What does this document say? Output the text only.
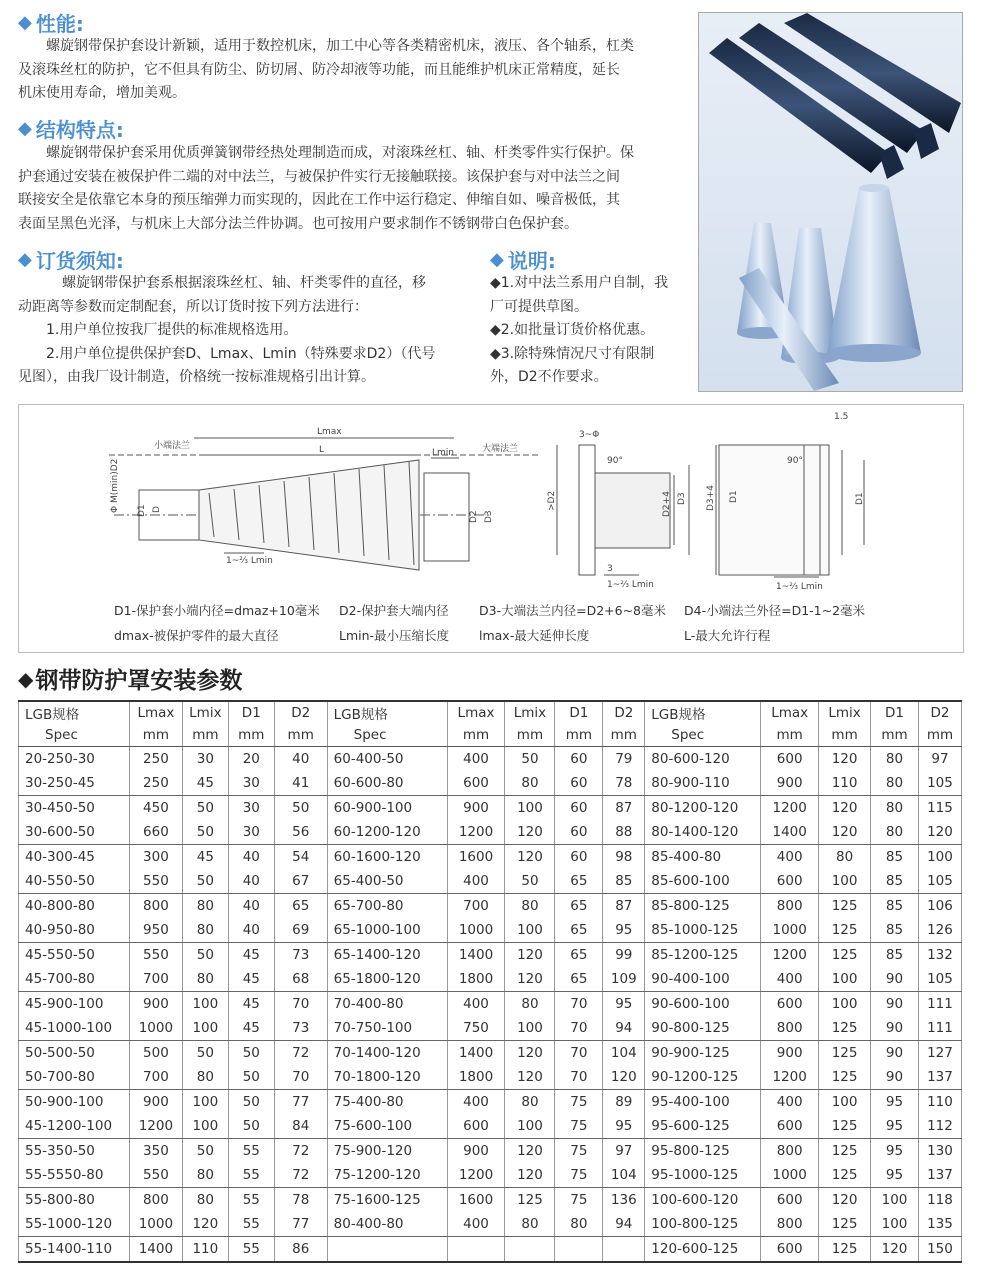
◆ 性能:

螺旋钢带保护套设计新颖，适用于数控机床，加工中心等各类精密机床，液压、各个轴系，杠类

及滚珠丝杠的防护，它不但具有防尘、防切屑、防冷却液等功能，而且能维护机床正常精度，延长

机床使用寿命，增加美观。

◆ 结构特点:

螺旋钢带保护套采用优质弹簧钢带经热处理制造而成，对滚珠丝杠、轴、杆类零件实行保护。保

护套通过安装在被保护件二端的对中法兰，与被保护件实行无接触联接。该保护套与对中法兰之间

联接安全是依靠它本身的预压缩弹力而实现的，因此在工作中运行稳定、伸缩自如、噪音极低，其

表面呈黑色光泽，与机床上大部分法兰件协调。也可按用户要求制作不锈钢带白色保护套。

◆ 订货须知:

螺旋钢带保护套系根据滚珠丝杠、轴、杆类零件的直径，移

动距离等参数而定制配套，所以订货时按下列方法进行：

1.用户单位按我厂提供的标准规格选用。

2.用户单位提供保护套D、Lmax、Lmin（特殊要求D2）（代号

见图），由我厂设计制造，价格统一按标准规格引出计算。

◆ 说明:

◆1.对中法兰系用户自制，我

厂可提供草图。

◆2.如批量订货价格优惠。

◆3.除特殊情况尺寸有限制

外，D2不作要求。

Lmax
L	Lmin
小端法兰	大端法兰
Φ M(min)D2 D1 D
D2 D3
1~⅔ Lmin
>D2	D2+4 D3
90°
3~Φ
3
1~⅔ Lmin
D3+4 D1	D1
1.5
90°
1~⅔ Lmin
D1-保护套小端内径=dmaz+10毫米 D2-保护套大端内径 D3-大端法兰内径=D2+6~8毫米 D4-小端法兰外径=D1-1~2毫米
dmax-被保护零件的最大直径	Lmin-最小压缩长度 lmax-最大延伸长度	L-最大允许行程
◆ 钢带防护罩安装参数
LGB规格	Lmax	Lmix	D1	D2	LGB规格	Lmax	Lmix	D1	D2	LGB规格	Lmax	Lmix	D1	D2
Spec	mm	mm	mm	mm	Spec	mm	mm	mm	mm	Spec	mm	mm	mm	mm
20-250-30	250	30	20	40	60-400-50	400	50	60	79	80-600-120	600	120	80	97
30-250-45	250	45	30	41	60-600-80	600	80	60	78	80-900-110	900	110	80	105
30-450-50	450	50	30	50	60-900-100	900	100	60	87	80-1200-120	1200	120	80	115
30-600-50	660	50	30	56	60-1200-120	1200	120	60	88	80-1400-120	1400	120	80	120
40-300-45	300	45	40	54	60-1600-120	1600	120	60	98	85-400-80	400	80	85	100
40-550-50	550	50	40	67	65-400-50	400	50	65	85	85-600-100	600	100	85	105
40-800-80	800	80	40	65	65-700-80	700	80	65	87	85-800-125	800	125	85	106
40-950-80	950	80	40	69	65-1000-100	1000	100	65	95	85-1000-125	1000	125	85	126
45-550-50	550	50	45	73	65-1400-120	1400	120	65	99	85-1200-125	1200	125	85	132
45-700-80	700	80	45	68	65-1800-120	1800	120	65	109	90-400-100	400	100	90	105
45-900-100	900	100	45	70	70-400-80	400	80	70	95	90-600-100	600	100	90	111
45-1000-100	1000	100	45	73	70-750-100	750	100	70	94	90-800-125	800	125	90	111
50-500-50	500	50	50	72	70-1400-120	1400	120	70	104	90-900-125	900	125	90	127
50-700-80	700	80	50	70	70-1800-120	1800	120	70	120	90-1200-125	1200	125	90	137
50-900-100	900	100	50	77	75-400-80	400	80	75	89	95-400-100	400	100	95	110
45-1200-100	1200	100	50	84	75-600-100	600	100	75	95	95-600-125	600	125	95	112
55-350-50	350	50	55	72	75-900-120	900	120	75	97	95-800-125	800	125	95	130
55-5550-80	550	80	55	72	75-1200-120	1200	120	75	104	95-1000-125	1000	125	95	137
55-800-80	800	80	55	78	75-1600-125	1600	125	75	136	100-600-120	600	120	100	118
55-1000-120	1000	120	55	77	80-400-80	400	80	80	94	100-800-125	800	125	100	135
55-1400-110	1400	110	55	86						120-600-125	600	125	120	150
